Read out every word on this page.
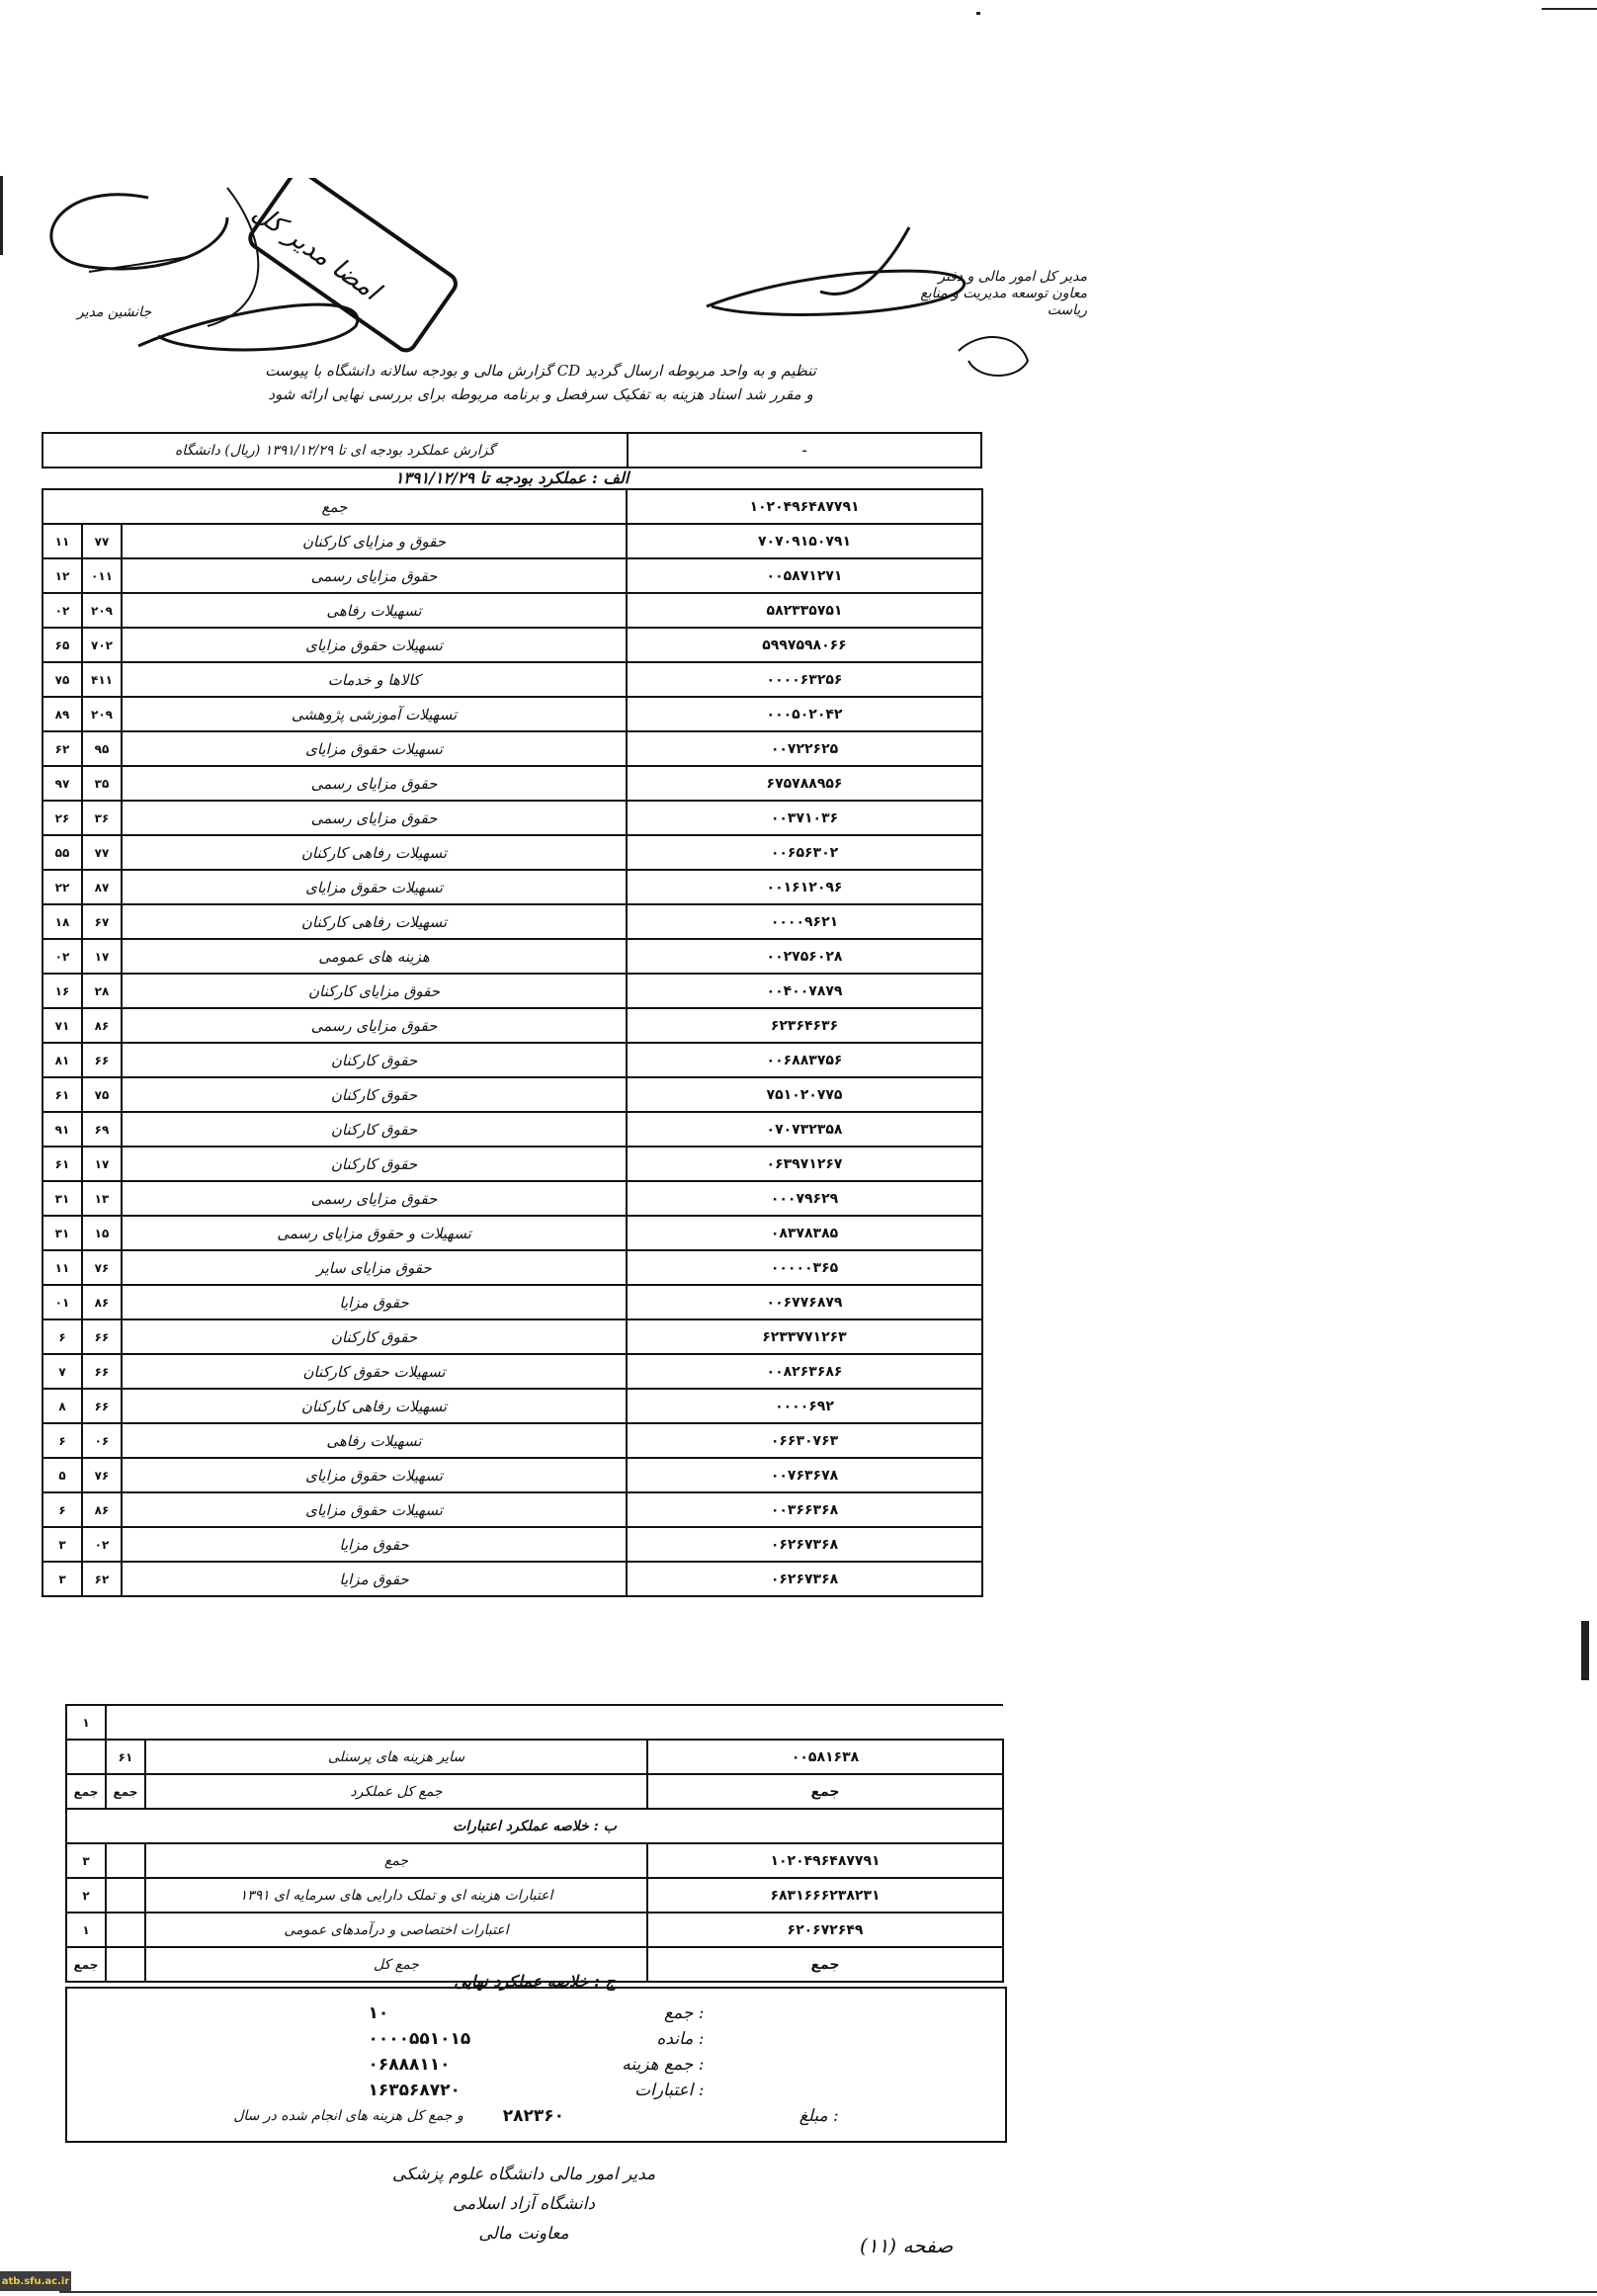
امضا مدیر کل
جانشین مدیر
مدیر کل امور مالی و دفتر
معاون توسعه مدیریت و منابع
ریاست
گزارش مالی و بودجه سالانه دانشگاه با پیوست CD تنظیم و به واحد مربوطه ارسال گردید
و مقرر شد اسناد هزینه به تفکیک سرفصل و برنامه مربوطه برای بررسی نهایی ارائه شود
گزارش عملکرد بودجه ای تا ۱۳۹۱/۱۲/۲۹ (ریال) دانشگاه	-
الف : عملکرد بودجه تا ۱۳۹۱/۱۲/۲۹
جمع			۱۰۲۰۴۹۶۴۸۷۷۹۱
۱۱	۷۷	حقوق و مزایای کارکنان	۷۰۷۰۹۱۵۰۷۹۱
۱۲	۰۱۱	حقوق مزایای رسمی	۰۰۵۸۷۱۲۷۱
۰۲	۲۰۹	تسهیلات رفاهی	۵۸۲۳۳۵۷۵۱
۶۵	۷۰۲	تسهیلات حقوق مزایای	۵۹۹۷۵۹۸۰۶۶
۷۵	۴۱۱	کالاها و خدمات	۰۰۰۰۶۳۲۵۶
۸۹	۲۰۹	تسهیلات آموزشی پژوهشی	۰۰۰۵۰۲۰۴۲
۶۲	۹۵	تسهیلات حقوق مزایای	۰۰۷۲۲۶۲۵
۹۷	۳۵	حقوق مزایای رسمی	۶۷۵۷۸۸۹۵۶
۲۶	۳۶	حقوق مزایای رسمی	۰۰۳۷۱۰۳۶
۵۵	۷۷	تسهیلات رفاهی کارکنان	۰۰۶۵۶۳۰۲
۲۲	۸۷	تسهیلات حقوق مزایای	۰۰۱۶۱۲۰۹۶
۱۸	۶۷	تسهیلات رفاهی کارکنان	۰۰۰۰۹۶۲۱
۰۲	۱۷	هزینه های عمومی	۰۰۲۷۵۶۰۲۸
۱۶	۲۸	حقوق مزایای کارکنان	۰۰۴۰۰۷۸۷۹
۷۱	۸۶	حقوق مزایای رسمی	۶۲۳۶۴۶۳۶
۸۱	۶۶	حقوق کارکنان	۰۰۶۸۸۳۷۵۶
۶۱	۷۵	حقوق کارکنان	۷۵۱۰۲۰۷۷۵
۹۱	۶۹	حقوق کارکنان	۰۷۰۷۳۲۳۵۸
۶۱	۱۷	حقوق کارکنان	۰۶۳۹۷۱۲۶۷
۳۱	۱۳	حقوق مزایای رسمی	۰۰۰۷۹۶۲۹
۳۱	۱۵	تسهیلات و حقوق مزایای رسمی	۰۸۳۷۸۳۸۵
۱۱	۷۶	حقوق مزایای سایر	۰۰۰۰۰۳۶۵
۰۱	۸۶	حقوق مزایا	۰۰۶۷۷۶۸۷۹
۶	۶۶	حقوق کارکنان	۶۲۳۳۷۷۱۲۶۳
۷	۶۶	تسهیلات حقوق کارکنان	۰۰۸۲۶۳۶۸۶
۸	۶۶	تسهیلات رفاهی کارکنان	۰۰۰۰۶۹۲
۶	۰۶	تسهیلات رفاهی	۰۶۶۳۰۷۶۳
۵	۷۶	تسهیلات حقوق مزایای	۰۰۷۶۳۶۷۸
۶	۸۶	تسهیلات حقوق مزایای	۰۰۳۶۶۳۶۸
۳	۰۲	حقوق مزایا	۰۶۲۶۷۳۶۸
۳	۶۲	حقوق مزایا	۰۶۲۶۷۳۶۸
۱			
	۶۱	سایر هزینه های پرسنلی	۰۰۵۸۱۶۳۸
جمع	جمع	جمع کل عملکرد	جمع
ب : خلاصه عملکرد اعتبارات			
۳		جمع	۱۰۲۰۴۹۶۴۸۷۷۹۱
۲		۱۳۹۱ اعتبارات هزینه ای و تملک دارایی های سرمایه ای	۶۸۳۱۶۶۶۲۳۸۲۳۱
۱		اعتبارات اختصاصی و درآمدهای عمومی	۶۲۰۶۷۲۶۴۹
جمع		جمع کل	جمع
ج : خلاصه عملکرد نهایی
۱۰	جمع :
۰۰۰۰۵۵۱۰۱۵	مانده :
۰۶۸۸۸۱۱۰	جمع هزینه :
۱۶۳۵۶۸۷۲۰	اعتبارات :
و جمع کل هزینه های انجام شده در سال ۲۸۲۳۶۰	مبلغ :
مدیر امور مالی دانشگاه علوم پزشکی
دانشگاه آزاد اسلامی
معاونت مالی	(۱۱) صفحه
atb.sfu.ac.ir
